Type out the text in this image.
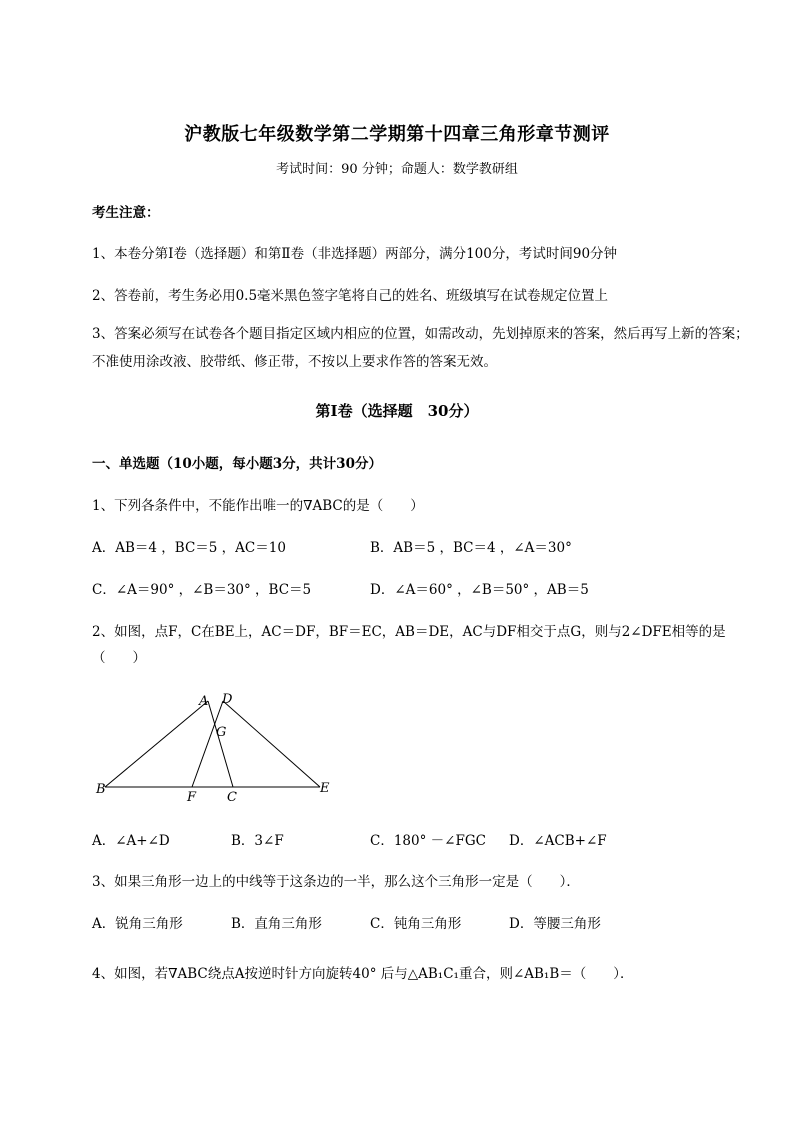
沪教版七年级数学第二学期第十四章三角形章节测评
考试时间：90 分钟；命题人：数学教研组
考生注意：
1、本卷分第Ⅰ卷（选择题）和第Ⅱ卷（非选择题）两部分，满分100分，考试时间90分钟
2、答卷前，考生务必用0.5毫米黑色签字笔将自己的姓名、班级填写在试卷规定位置上
3、答案必须写在试卷各个题目指定区域内相应的位置，如需改动，先划掉原来的答案，然后再写上新的答案；不准使用涂改液、胶带纸、修正带，不按以上要求作答的答案无效。
第Ⅰ卷（选择题　30分）
一、单选题（10小题，每小题3分，共计30分）
1、下列各条件中，不能作出唯一的∇ABC的是（　　）
A．AB＝4 ，BC＝5 ，AC＝10	B．AB＝5 ，BC＝4 ，∠A＝30°
C．∠A＝90° ，∠B＝30° ，BC＝5	D．∠A＝60° ，∠B＝50° ，AB＝5
2、如图，点F，C在BE上，AC＝DF，BF＝EC，AB＝DE，AC与DF相交于点G，则与2∠DFE相等的是
（　　）
A D
G
B
F C
E
A．∠A+∠D	B．3∠F	C．180° －∠FGC D．∠ACB+∠F
3、如果三角形一边上的中线等于这条边的一半，那么这个三角形一定是（　　）．
A．锐角三角形	B．直角三角形	C．钝角三角形	D．等腰三角形
4、如图，若∇ABC绕点A按逆时针方向旋转40° 后与△AB₁C₁重合，则∠AB₁B＝（　　）．
